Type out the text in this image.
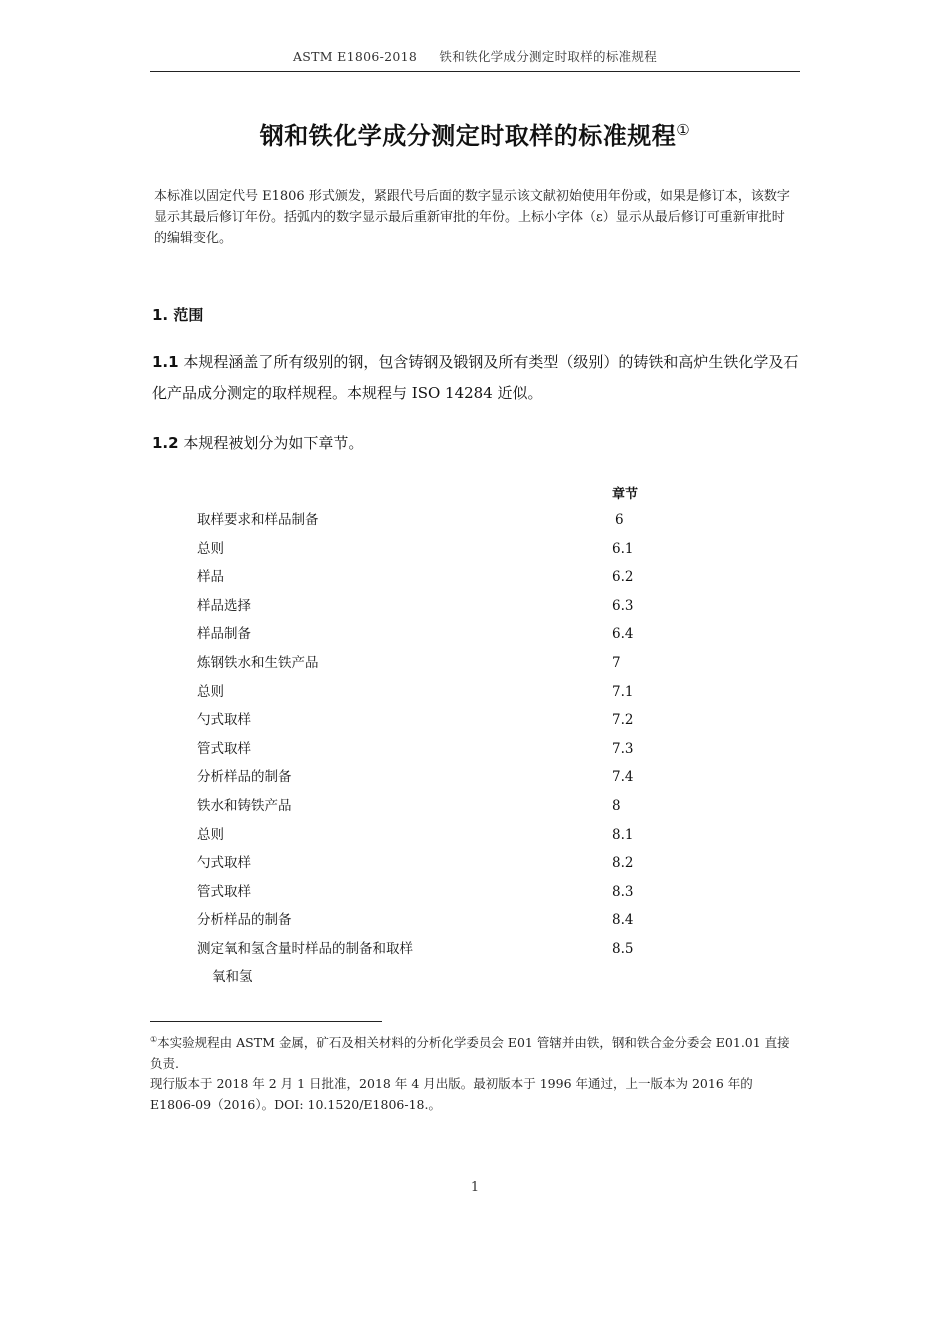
ASTM E1806-2018 铁和铁化学成分测定时取样的标准规程
钢和铁化学成分测定时取样的标准规程①
本标准以固定代号 E1806 形式颁发，紧跟代号后面的数字显示该文献初始使用年份或，如果是修订本，该数字显示其最后修订年份。括弧内的数字显示最后重新审批的年份。上标小字体（ε）显示从最后修订可重新审批时的编辑变化。
1. 范围
1.1 本规程涵盖了所有级别的钢，包含铸钢及锻钢及所有类型（级别）的铸铁和高炉生铁化学及石化产品成分测定的取样规程。本规程与 ISO 14284 近似。
1.2 本规程被划分为如下章节。
章节
取样要求和样品制备	6
总则	6.1
样品	6.2
样品选择	6.3
样品制备	6.4
炼钢铁水和生铁产品	7
总则	7.1
勺式取样	7.2
管式取样	7.3
分析样品的制备	7.4
铁水和铸铁产品	8
总则	8.1
勺式取样	8.2
管式取样	8.3
分析样品的制备	8.4
测定氧和氢含量时样品的制备和取样	8.5
氧和氢
①本实验规程由 ASTM 金属，矿石及相关材料的分析化学委员会 E01 管辖并由铁，钢和铁合金分委会 E01.01 直接负责.
现行版本于 2018 年 2 月 1 日批准，2018 年 4 月出版。最初版本于 1996 年通过，上一版本为 2016 年的 E1806-09（2016）。DOI: 10.1520/E1806-18.。
1
